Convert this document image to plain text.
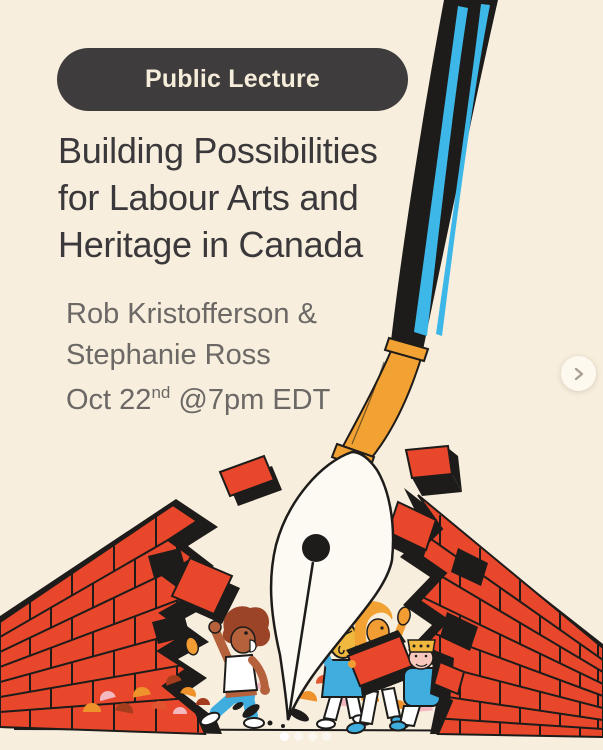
Public Lecture
Building Possibilities
for Labour Arts and
Heritage in Canada
Rob Kristofferson &
Stephanie Ross
Oct 22nd @7pm EDT
